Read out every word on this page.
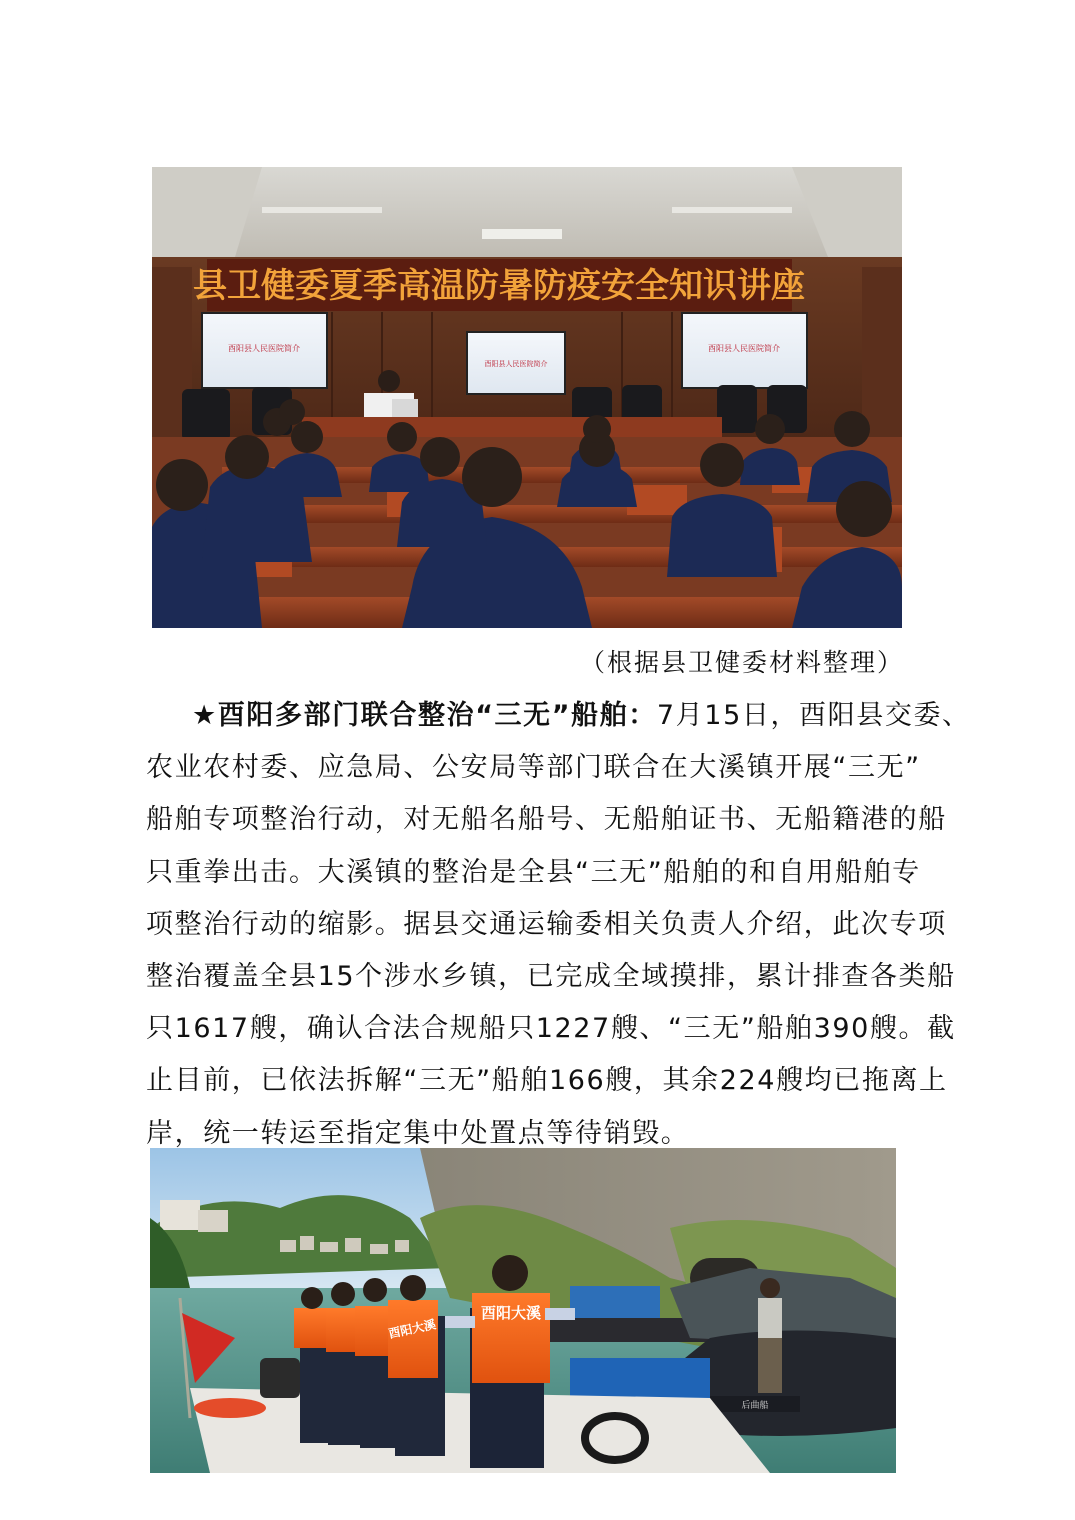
县卫健委夏季高温防暑防疫安全知识讲座
酉阳县人民医院简介
酉阳县人民医院简介
酉阳县人民医院简介
（根据县卫健委材料整理）
★酉阳多部门联合整治“三无”船舶：7月15日，酉阳县交委、
农业农村委、应急局、公安局等部门联合在大溪镇开展“三无”
船舶专项整治行动，对无船名船号、无船舶证书、无船籍港的船
只重拳出击。大溪镇的整治是全县“三无”船舶的和自用船舶专
项整治行动的缩影。据县交通运输委相关负责人介绍，此次专项
整治覆盖全县15个涉水乡镇，已完成全域摸排，累计排查各类船
只1617艘，确认合法合规船只1227艘、“三无”船舶390艘。截
止目前，已依法拆解“三无”船舶166艘，其余224艘均已拖离上
岸，统一转运至指定集中处置点等待销毁。
后曲船
酉阳大溪
酉阳大溪
